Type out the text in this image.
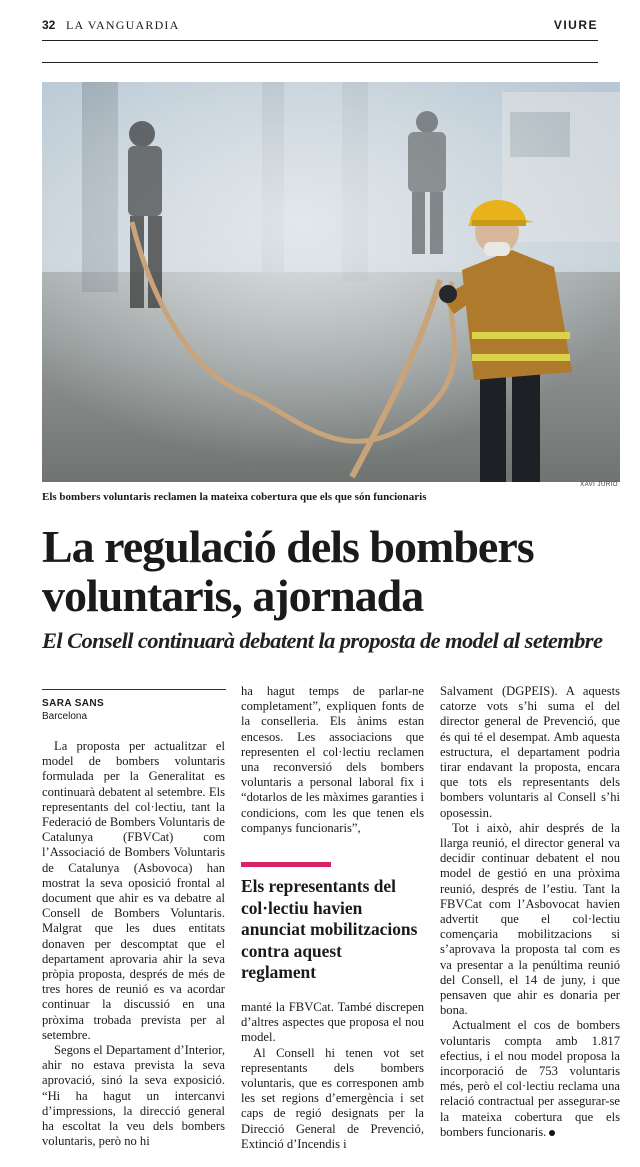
32 LA VANGUARDIA	VIURE
XAVI JURIO
Els bombers voluntaris reclamen la mateixa cobertura que els que són funcionaris
La regulació dels bombers
voluntaris, ajornada
El Consell continuarà debatent la proposta de model al setembre
SARA SANS
Barcelona

La proposta per actualitzar el model de bombers voluntaris formulada per la Generalitat es continuarà debatent al setembre. Els representants del col·lectiu, tant la Federació de Bombers Voluntaris de Catalunya (FBVCat) com l’Associació de Bombers Voluntaris de Catalunya (Asbovoca) han mostrat la seva oposició frontal al document que ahir es va debatre al Consell de Bombers Voluntaris. Malgrat que les dues entitats donaven per descomptat que el departament aprovaria ahir la seva pròpia proposta, després de més de tres hores de reunió es va acordar continuar la discussió en una pròxima trobada prevista per al setembre.

Segons el Departament d’Interior, ahir no estava prevista la seva aprovació, sinó la seva exposició. “Hi ha hagut un intercanvi d’impressions, la direcció general ha escoltat la veu dels bombers voluntaris, però no hi

ha hagut temps de parlar-ne completament”, expliquen fonts de la conselleria. Els ànims estan encesos. Les associacions que representen el col·lectiu reclamen una reconversió dels bombers voluntaris a personal laboral fix i “dotarlos de les màximes garanties i condicions, com les que tenen els companys funcionaris”,

Els representants del col·lectiu havien anunciat mobilitzacions contra aquest reglament

manté la FBVCat. També discrepen d’altres aspectes que proposa el nou model.

Al Consell hi tenen vot set representants dels bombers voluntaris, que es corresponen amb les set regions d’emergència i set caps de regió designats per la Direcció General de Prevenció, Extinció d’Incendis i

Salvament (DGPEIS). A aquests catorze vots s’hi suma el del director general de Prevenció, que és qui té el desempat. Amb aquesta estructura, el departament podria tirar endavant la proposta, encara que tots els representants dels bombers voluntaris al Consell s’hi oposessin.

Tot i això, ahir després de la llarga reunió, el director general va decidir continuar debatent el nou model de gestió en una pròxima reunió, després de l’estiu. Tant la FBVCat com l’Asbovocat havien advertit que el col·lectiu començaria mobilitzacions si s’aprovava la proposta tal com es va presentar a la penúltima reunió del Consell, el 14 de juny, i que pensaven que ahir es donaria per bona.

Actualment el cos de bombers voluntaris compta amb 1.817 efectius, i el nou model proposa la incorporació de 753 voluntaris més, però el col·lectiu reclama una relació contractual per assegurar-se la mateixa cobertura que els bombers funcionaris.
